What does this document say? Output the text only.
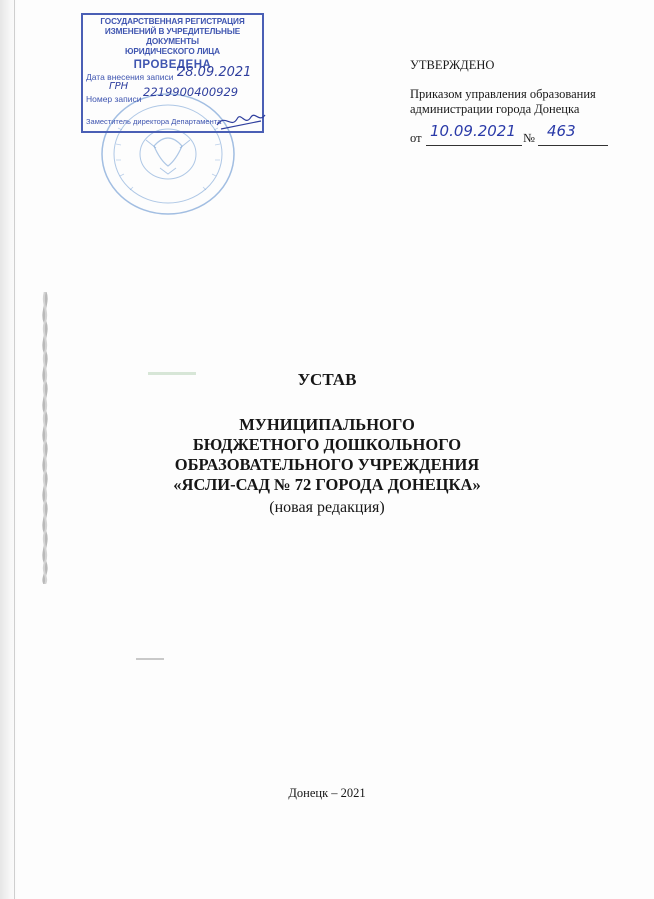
ГОСУДАРСТВЕННАЯ РЕГИСТРАЦИЯ
ИЗМЕНЕНИЙ В УЧРЕДИТЕЛЬНЫЕ ДОКУМЕНТЫ
ЮРИДИЧЕСКОГО ЛИЦА
ПРОВЕДЕНА
Дата внесения записи 28.09.2021
ГРН
Номер записи 2219900400929
Заместитель директора Департамента
УТВЕРЖДЕНО
Приказом управления образования
администрации города Донецка
от 10.09.2021 № 463
УСТАВ
МУНИЦИПАЛЬНОГО
БЮДЖЕТНОГО ДОШКОЛЬНОГО
ОБРАЗОВАТЕЛЬНОГО УЧРЕЖДЕНИЯ
«ЯСЛИ-САД № 72 ГОРОДА ДОНЕЦКА»
(новая редакция)
Донецк – 2021
